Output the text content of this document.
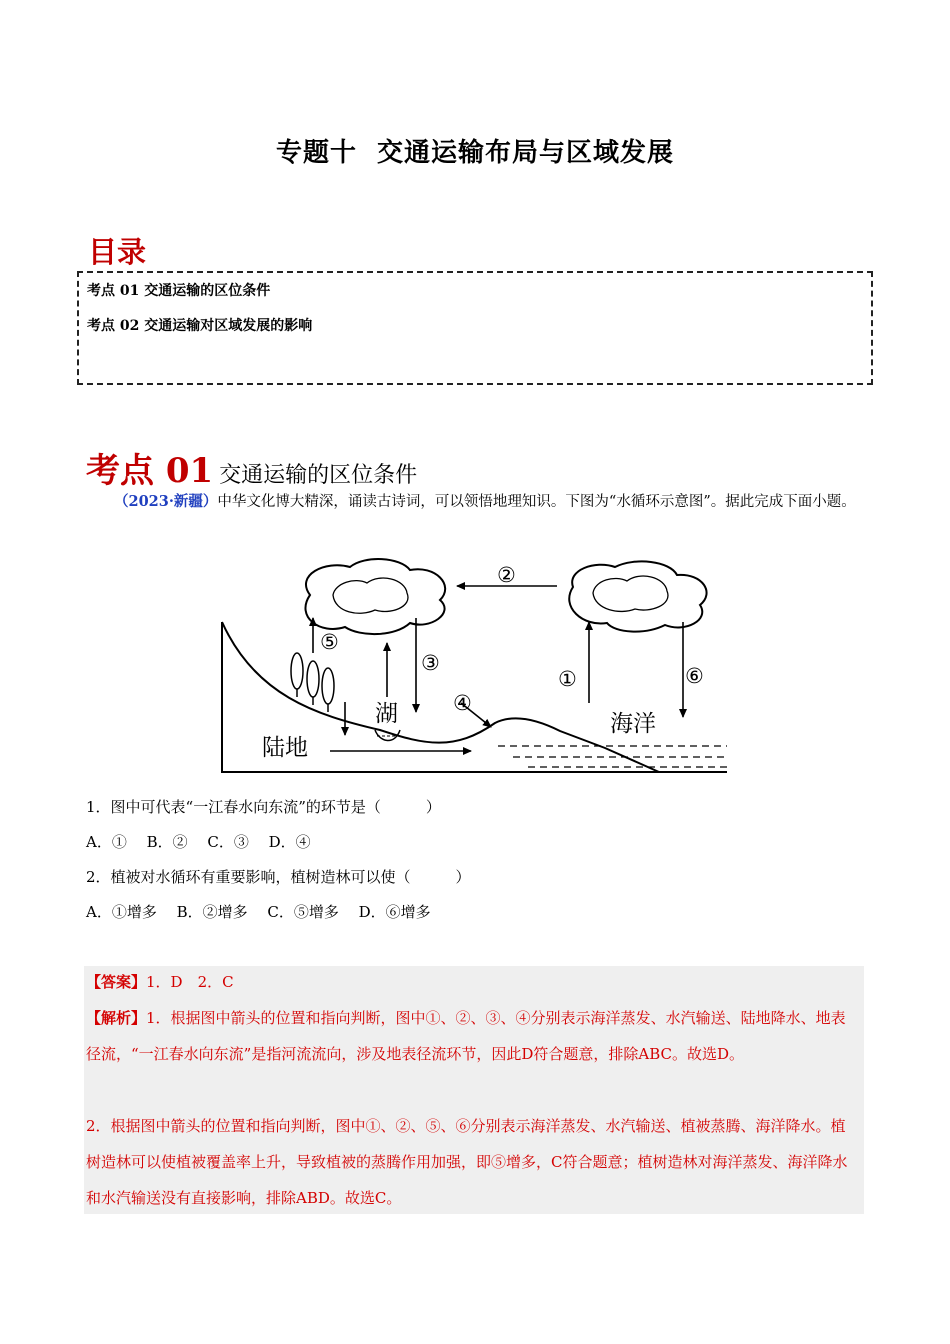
专题十  交通运输布局与区域发展
目录
考点 01 交通运输的区位条件
考点 02 交通运输对区域发展的影响
考点 01 交通运输的区位条件
（2023·新疆）中华文化博大精深，诵读古诗词，可以领悟地理知识。下图为“水循环示意图”。据此完成下面小题。
②
①	⑥
③
⑤
④
陆地
湖	海洋
1．图中可代表“一江春水向东流”的环节是（　　　）
A．①　 B．②　 C．③　 D．④
2．植被对水循环有重要影响，植树造林可以使（　　　）
A．①增多　 B．②增多　 C．⑤增多　 D．⑥增多
【答案】1．D　2．C
【解析】1．根据图中箭头的位置和指向判断，图中①、②、③、④分别表示海洋蒸发、水汽输送、陆地降水、地表径流，“一江春水向东流”是指河流流向，涉及地表径流环节，因此D符合题意，排除ABC。故选D。
2．根据图中箭头的位置和指向判断，图中①、②、⑤、⑥分别表示海洋蒸发、水汽输送、植被蒸腾、海洋降水。植树造林可以使植被覆盖率上升，导致植被的蒸腾作用加强，即⑤增多，C符合题意；植树造林对海洋蒸发、海洋降水和水汽输送没有直接影响，排除ABD。故选C。
